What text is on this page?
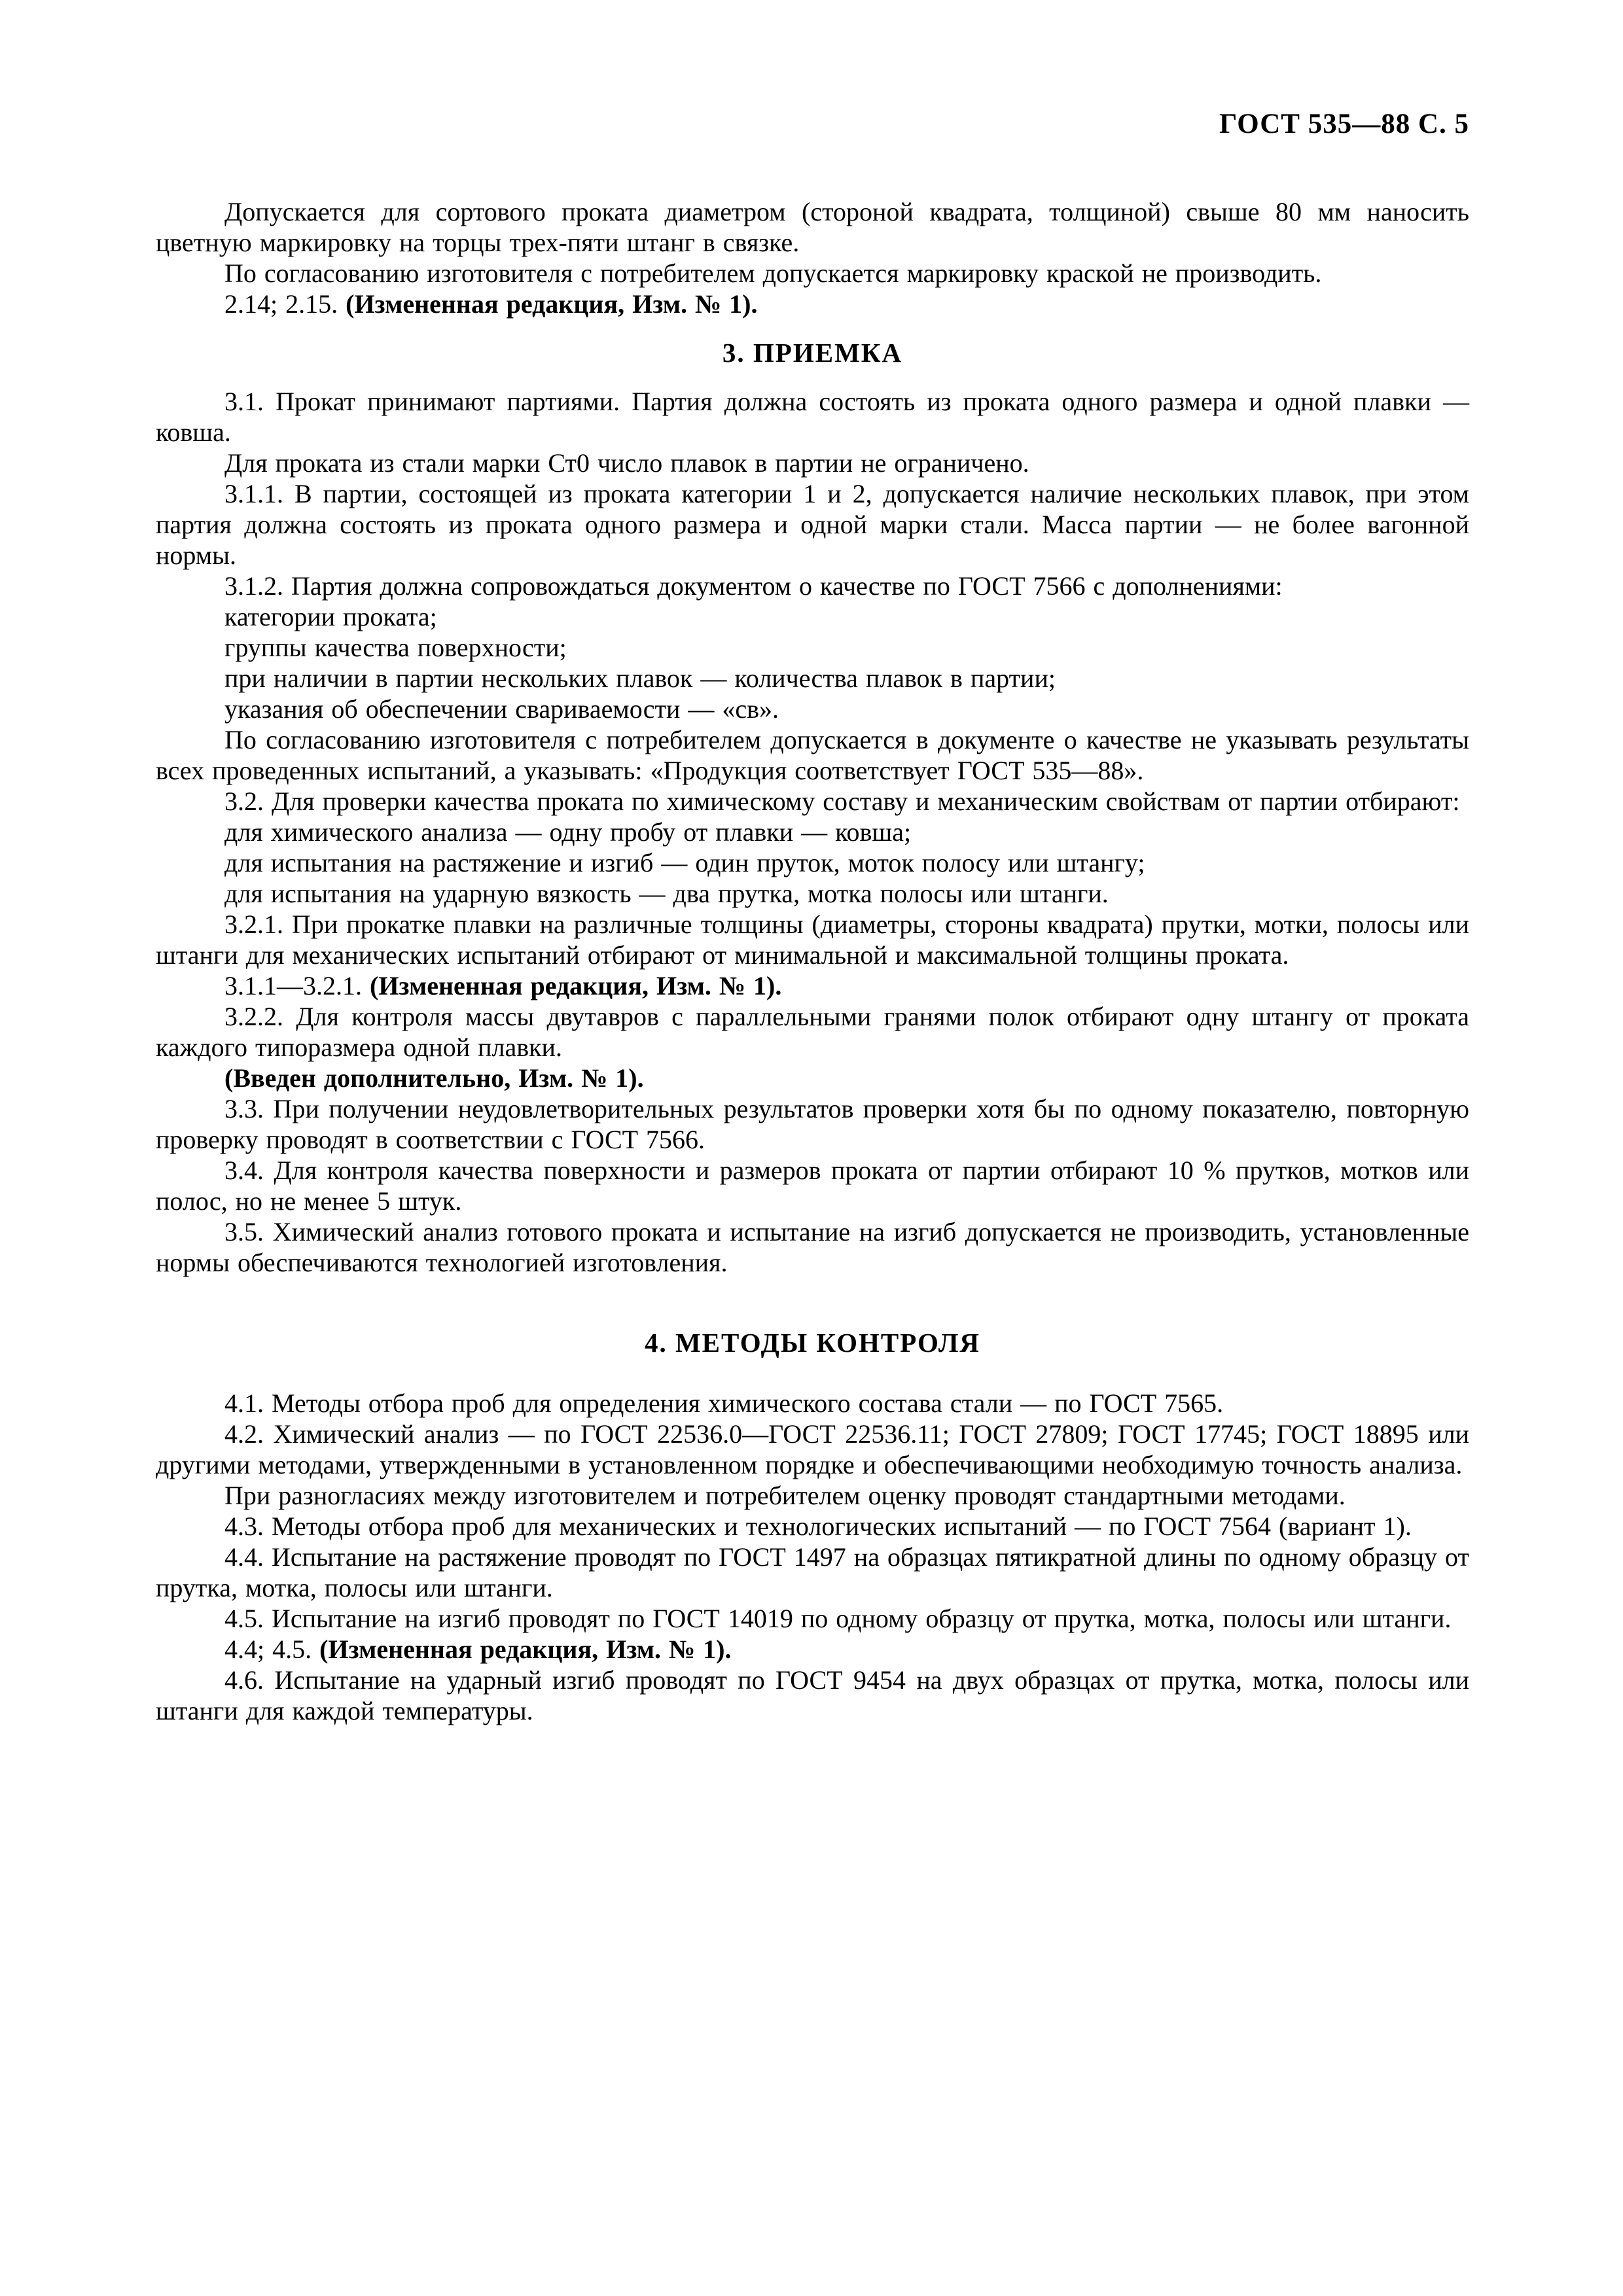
ГОСТ 535—88 С. 5

Допускается для сортового проката диаметром (стороной квадрата, толщиной) свыше 80 мм наносить цветную маркировку на торцы трех-пяти штанг в связке.

По согласованию изготовителя с потребителем допускается маркировку краской не производить.

2.14; 2.15. (Измененная редакция, Изм. № 1).

3. ПРИЕМКА

3.1. Прокат принимают партиями. Партия должна состоять из проката одного размера и одной плавки — ковша.

Для проката из стали марки Ст0 число плавок в партии не ограничено.

3.1.1. В партии, состоящей из проката категории 1 и 2, допускается наличие нескольких плавок, при этом партия должна состоять из проката одного размера и одной марки стали. Масса партии — не более вагонной нормы.

3.1.2. Партия должна сопровождаться документом о качестве по ГОСТ 7566 с дополнениями:

категории проката;

группы качества поверхности;

при наличии в партии нескольких плавок — количества плавок в партии;

указания об обеспечении свариваемости — «св».

По согласованию изготовителя с потребителем допускается в документе о качестве не указывать результаты всех проведенных испытаний, а указывать: «Продукция соответствует ГОСТ 535—88».

3.2. Для проверки качества проката по химическому составу и механическим свойствам от партии отбирают:

для химического анализа — одну пробу от плавки — ковша;

для испытания на растяжение и изгиб — один пруток, моток полосу или штангу;

для испытания на ударную вязкость — два прутка, мотка полосы или штанги.

3.2.1. При прокатке плавки на различные толщины (диаметры, стороны квадрата) прутки, мотки, полосы или штанги для механических испытаний отбирают от минимальной и максимальной толщины проката.

3.1.1—3.2.1. (Измененная редакция, Изм. № 1).

3.2.2. Для контроля массы двутавров с параллельными гранями полок отбирают одну штангу от проката каждого типоразмера одной плавки.

(Введен дополнительно, Изм. № 1).

3.3. При получении неудовлетворительных результатов проверки хотя бы по одному показателю, повторную проверку проводят в соответствии с ГОСТ 7566.

3.4. Для контроля качества поверхности и размеров проката от партии отбирают 10 % прутков, мотков или полос, но не менее 5 штук.

3.5. Химический анализ готового проката и испытание на изгиб допускается не производить, установленные нормы обеспечиваются технологией изготовления.

4. МЕТОДЫ КОНТРОЛЯ

4.1. Методы отбора проб для определения химического состава стали — по ГОСТ 7565.

4.2. Химический анализ — по ГОСТ 22536.0—ГОСТ 22536.11; ГОСТ 27809; ГОСТ 17745; ГОСТ 18895 или другими методами, утвержденными в установленном порядке и обеспечивающими необходимую точность анализа.

При разногласиях между изготовителем и потребителем оценку проводят стандартными методами.

4.3. Методы отбора проб для механических и технологических испытаний — по ГОСТ 7564 (вариант 1).

4.4. Испытание на растяжение проводят по ГОСТ 1497 на образцах пятикратной длины по одному образцу от прутка, мотка, полосы или штанги.

4.5. Испытание на изгиб проводят по ГОСТ 14019 по одному образцу от прутка, мотка, полосы или штанги.

4.4; 4.5. (Измененная редакция, Изм. № 1).

4.6. Испытание на ударный изгиб проводят по ГОСТ 9454 на двух образцах от прутка, мотка, полосы или штанги для каждой температуры.
